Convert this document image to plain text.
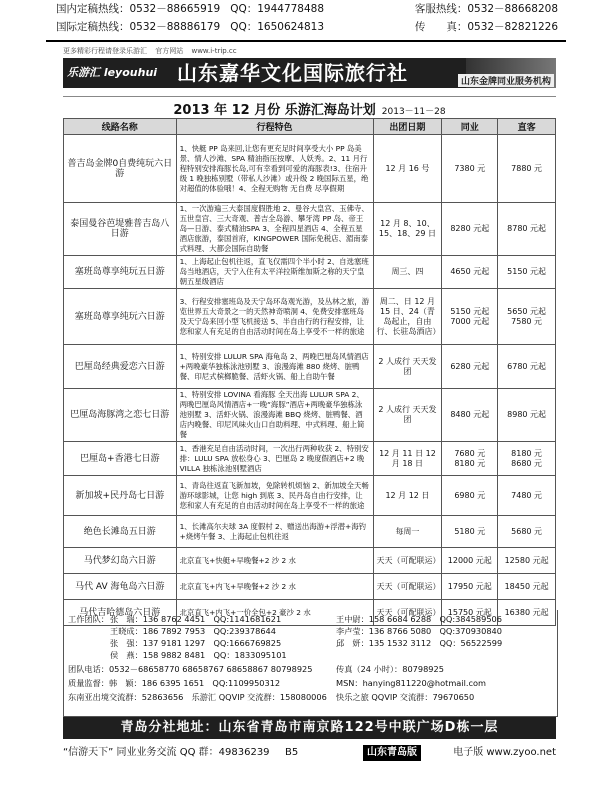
国内定稿热线：0532－88665919 QQ：1944778488	客服热线：0532－88668208
国际定稿热线：0532－88886179 QQ：1650624813	传　　真：0532－82821226
更多精彩行程请登录乐游汇 官方网站 www.i-trip.cc
乐游汇 leyouhui 山东嘉华文化国际旅行社	山东金牌同业服务机构
2013 年 12 月份 乐游汇海岛计划 2013－11－28
线路名称	行程特色	出团日期	同业	直客
普吉岛金牌0自费纯玩六日游	1、快艇 PP 岛来回,让您有更充足时间享受大小 PP 岛美景、情人沙滩、SPA 精油指压按摩、人妖秀。2、11 月行程特别安排海豚长岛,可有幸看到可爱的海豚表!3、住宿升级 1 晚独栋别墅（带私人沙滩）或升级 2 晚国际五星，绝对超值的体验哦！4、全程无购物 无自费 尽享假期	12 月 16 号	7380 元	7880 元
泰国曼谷芭堤雅普吉岛八日游	1、一次游遍三大泰国度假胜地 2、曼谷大皇宫、玉佛寺、五世皇宫、三大奇观、普吉全岛游、攀牙湾 PP 岛、帝王岛—日游、泰式精油SPA 3、全程四星酒店 4、全程五星酒店旅游，泰国首府，KINGPOWER 国际免税店、湄南泰式料理、大都会国际自助餐	12 月 8、10、15、18、29 日	8280 元起	8780 元起
塞班岛尊享纯玩五日游	1、上海起止包机往返，直飞仅需四个半小时 2、自选塞班岛当地酒店，天宁入住有太平洋拉斯维加斯之称的天宁皇朝五星级酒店	周三、四	4650 元起	5150 元起
塞班岛尊享纯玩六日游	3、行程安排塞班岛及天宁岛环岛观光游，及丛林之旅，游览世界五大奇景之一的天然神奇喷洞 4、免费安排塞班岛及天宁岛来回小型飞机接送 5、半自由行的行程安排，让您和家人有充足的自由活动时间在岛上享受不一样的旅途	周二、日 12 月15 日、24（青岛起止，自由行、长驻岛酒店）	5150 元起 7000 元起	5650 元起 7580 元
巴厘岛经典爱恋六日游	1、特别安排 LULUR SPA 海龟岛 2、两晚巴厘岛风情酒店+两晚豪华独栋泳池别墅 3、浪漫海滩 880 烧烤、脏鸭餐、印尼式槟榔脆餐、活虾火锅、船上自助午餐	2 人成行 天天发团	6280 元起	6780 元起
巴厘岛海豚湾之恋七日游	1、特别安排 LOVINA 看海豚 全天出海 LULUR SPA 2、两晚巴厘岛风情酒店+一晚“海豚”酒店+两晚豪华独栋泳池别墅 3、活虾火锅、浪漫海滩 BBQ 烧烤、脏鸭餐、酒店内晚餐、印尼风味火山口自助料理、中式料理、船上简餐	2 人成行 天天发团	8480 元起	8980 元起
巴厘岛+香港七日游	1、香港充足自由活动时间，一次出行两种收获 2、特别安排：LULU SPA 放松身心 3、巴厘岛 2 晚度假酒店+2 晚 VILLA 独栋泳池别墅酒店	12 月 11 日 12 月 18 日	7680 元 8180 元	8180 元 8680 元
新加坡+民丹岛七日游	1、青岛往返直飞新加坡，免除转机烦恼 2、新加坡全天畅游环球影城，让您 high 到底 3、民丹岛自由行安排，让您和家人有充足的自由活动时间在岛上享受不一样的旅途	12 月 12 日	6980 元	7480 元
绝色长滩岛五日游	1、长滩高尔夫球 3A 度假村 2、赠送出海游+浮潜+海钓+烧烤午餐 3、上海起止包机往返	每周一	5180 元	5680 元
马代梦幻岛六日游	北京直飞+快艇+早晚餐+2 沙 2 水	天天（可配联运）	12000 元起	12580 元起
马代 AV 海龟岛六日游	北京直飞+内飞+早晚餐+2 沙 2 水	天天（可配联运）	17950 元起	18450 元起
马代吉哈德岛六日游	北京直飞+内飞+一价全包+2 豪沙 2 水	天天（可配联运）	15750 元起	16380 元起
工作团队： 张　瑞：136 8762 4451　QQ:1141681621
王晓成：186 7892 7953　QQ:239378644
张　强：137 9181 1297　QQ:1666769825
侯　燕：158 9882 8481　QQ：1833095101
王中尉：158 6684 6288　QQ:384589506
李卢莹：136 8766 5080　QQ:370930840
邱　妍：135 1532 3112　QQ：56522599
团队电话：0532－68658770 68658767 68658867 80798925	传真（24 小时）：80798925
质量监督：韩　颖：186 6395 1651　QQ:1109950312	MSN：hanying811220@hotmail.com
东南亚出境交流群：52863656　乐游汇 QQVIP 交流群：158080006 快乐之旅 QQVIP 交流群：79670650
青岛分社地址：山东省青岛市南京路122号中联广场D栋一层
“信游天下” 同业业务交流 QQ 群：49836239 B5	山东青岛版	电子版 www.zyoo.net
